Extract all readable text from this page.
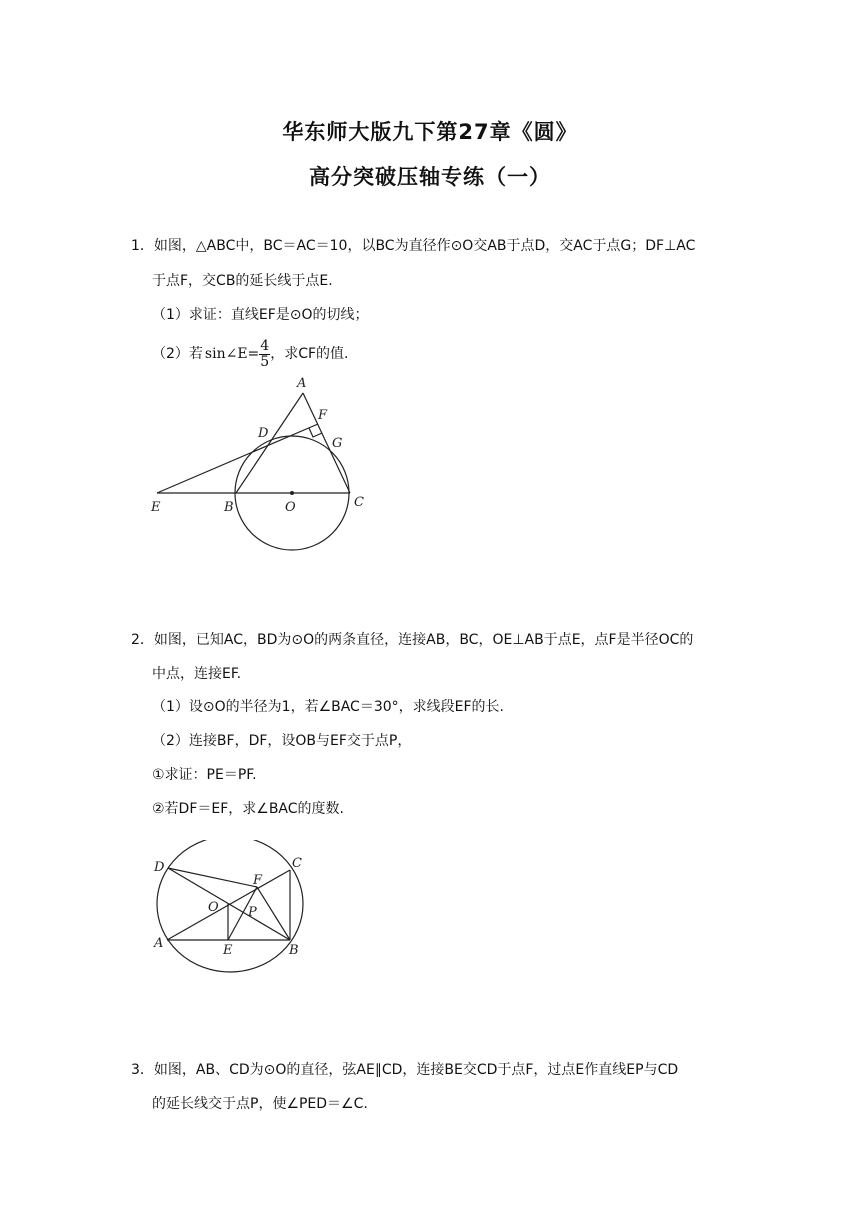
华东师大版九下第27章《圆》
高分突破压轴专练（一）
1．如图，△ABC中，BC＝AC＝10，以BC为直径作⊙O交AB于点D，交AC于点G；DF⊥AC
于点F，交CB的延长线于点E.
（1）求证：直线EF是⊙O的切线；
（2）若 sin∠E= $\frac{4}{5}$ ，求CF的值.
A
F
D
G
E	B	O	C
2．如图，已知AC，BD为⊙O的两条直径，连接AB，BC，OE⊥AB于点E，点F是半径OC的
中点，连接EF.
（1）设⊙O的半径为1，若∠BAC＝30°，求线段EF的长.
（2）连接BF，DF，设OB与EF交于点P，
①求证：PE＝PF.
②若DF＝EF，求∠BAC的度数.
D	C
F
O P
A	E	B
3．如图，AB、CD为⊙O的直径，弦AE∥CD，连接BE交CD于点F，过点E作直线EP与CD
的延长线交于点P，使∠PED＝∠C.
